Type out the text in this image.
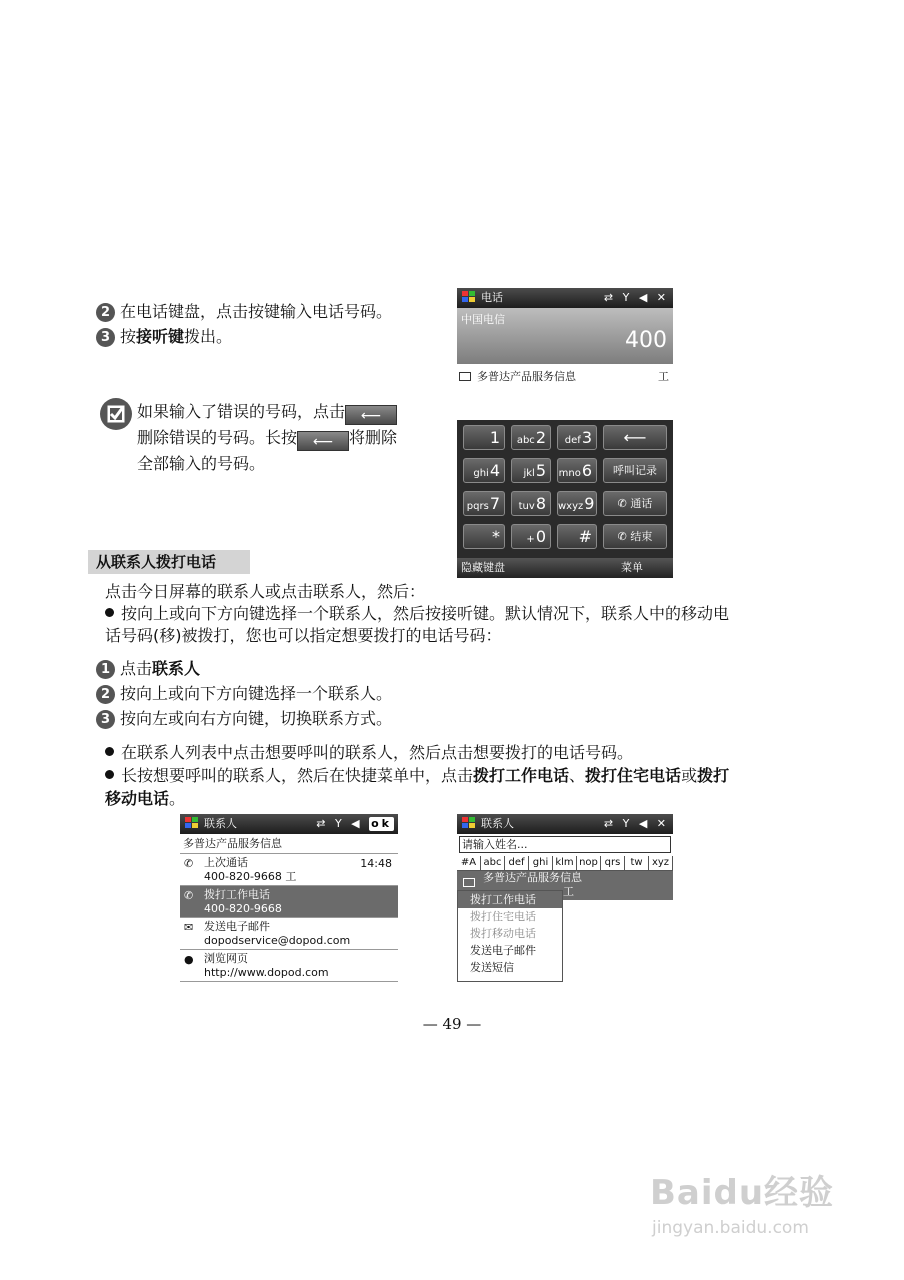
2 在电话键盘，点击按键输入电话号码。
3 按接听键拨出。
如果输入了错误的号码，点击 ⟵
删除错误的号码。长按 ⟵ 将删除
全部输入的号码。
电话	⇄ Y ◀ ✕
中国电信
400
多普达产品服务信息	工
1	abc2	def3	⟵
ghi4	jkl5	mno6	呼叫记录
pqrs7	tuv8	wxyz9	✆ 通话
*	+0	#	✆ 结束
隐藏键盘	菜单
从联系人拨打电话
点击今日屏幕的联系人或点击联系人，然后：
按向上或向下方向键选择一个联系人，然后按接听键。默认情况下，联系人中的移动电
话号码(移)被拨打，您也可以指定想要拨打的电话号码：
1 点击联系人
2 按向上或向下方向键选择一个联系人。
3 按向左或向右方向键，切换联系方式。
在联系人列表中点击想要呼叫的联系人，然后点击想要拨打的电话号码。
长按想要呼叫的联系人，然后在快捷菜单中，点击拨打工作电话、拨打住宅电话或拨打
移动电话。
联系人	⇄ Y ◀ ok
多普达产品服务信息
✆ 上次通话
400-820-9668 工
14:48
✆ 拨打工作电话
400-820-9668
✉ 发送电子邮件
dopodservice@dopod.com
● 浏览网页
http://www.dopod.com
联系人	⇄ Y ◀ ✕
请输入姓名...
#A abc def ghi klm nop qrs	tw xyz
多普达产品服务信息
工
拨打工作电话
拨打住宅电话
拨打移动电话
发送电子邮件
发送短信
— 49 —
Baidu经验
jingyan.baidu.com
